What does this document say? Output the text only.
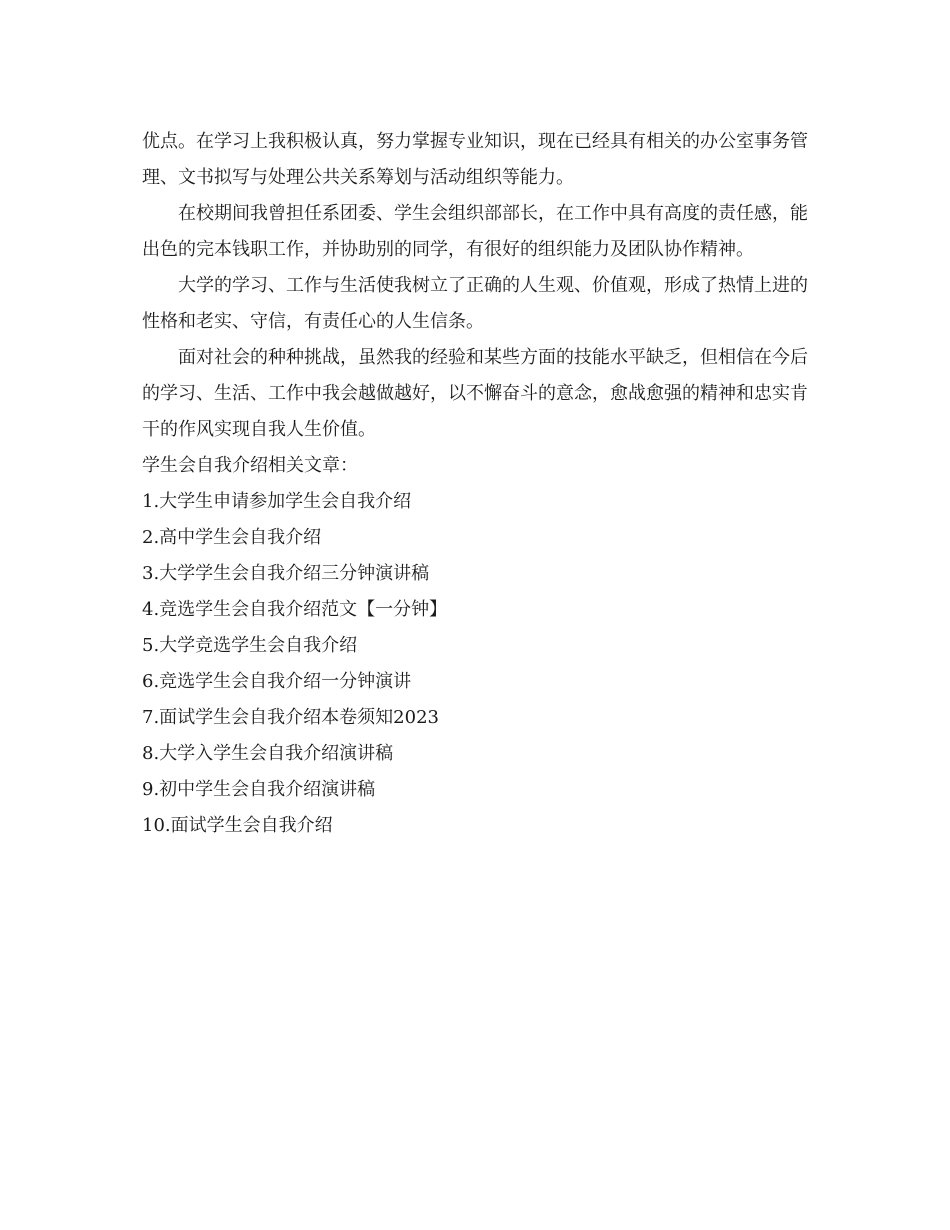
优点。在学习上我积极认真，努力掌握专业知识，现在已经具有相关的办公室事务管理、文书拟写与处理公共关系筹划与活动组织等能力。

在校期间我曾担任系团委、学生会组织部部长，在工作中具有高度的责任感，能出色的完本钱职工作，并协助别的同学，有很好的组织能力及团队协作精神。

大学的学习、工作与生活使我树立了正确的人生观、价值观，形成了热情上进的性格和老实、守信，有责任心的人生信条。

面对社会的种种挑战，虽然我的经验和某些方面的技能水平缺乏，但相信在今后的学习、生活、工作中我会越做越好，以不懈奋斗的意念，愈战愈强的精神和忠实肯干的作风实现自我人生价值。

学生会自我介绍相关文章：

1.大学生申请参加学生会自我介绍
2.高中学生会自我介绍
3.大学学生会自我介绍三分钟演讲稿
4.竞选学生会自我介绍范文【一分钟】
5.大学竞选学生会自我介绍
6.竞选学生会自我介绍一分钟演讲
7.面试学生会自我介绍本卷须知2023
8.大学入学生会自我介绍演讲稿
9.初中学生会自我介绍演讲稿
10.面试学生会自我介绍
